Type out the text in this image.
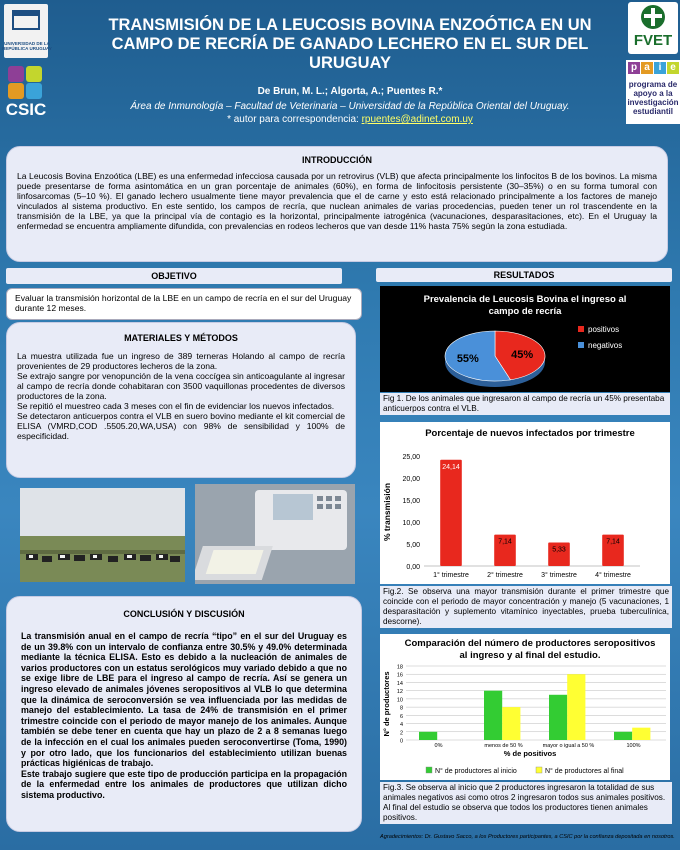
UNIVERSIDAD DE LA REPÚBLICA URUGUAY
CSIC
FVET
p a i e
programa de apoyo a la investigación estudiantil
TRANSMISIÓN DE LA LEUCOSIS BOVINA ENZOÓTICA EN UN CAMPO DE RECRÍA DE GANADO LECHERO EN EL SUR DEL URUGUAY
De Brun, M. L.; Algorta, A.; Puentes R.*
Área de Inmunología – Facultad de Veterinaria – Universidad de la República Oriental del Uruguay.
* autor para correspondencia: rpuentes@adinet.com.uy
INTRODUCCIÓN
La Leucosis Bovina Enzoótica (LBE) es una enfermedad infecciosa causada por un retrovirus (VLB) que afecta principalmente los linfocitos B de los bovinos. La misma puede presentarse de forma asintomática en un gran porcentaje de animales (60%), en forma de linfocitosis persistente (30–35%) o en su forma tumoral con linfosarcomas (5–10 %). El ganado lechero usualmente tiene mayor prevalencia que el de carne y esto está relacionado principalmente a los factores de manejo vinculados al sistema productivo. En este sentido, los campos de recría, que nuclean animales de varias procedencias, pueden tener un rol trascendente en la transmisión de la LBE, ya que la principal vía de contagio es la horizontal, principalmente iatrogénica (vacunaciones, desparasitaciones, etc). En el Uruguay la enfermedad se encuentra ampliamente difundida, con prevalencias en rodeos lecheros que van desde 11% hasta 75% según la zona estudiada.
OBJETIVO
Evaluar la transmisión horizontal de la LBE en un campo de recría en el sur del Uruguay durante 12 meses.
MATERIALES Y MÉTODOS
La muestra utilizada fue un ingreso de 389 terneras Holando al campo de recría provenientes de 29 productores lecheros de la zona.
Se extrajo sangre por venopunción de la vena coccígea sin anticoagulante al ingresar al campo de recría donde cohabitaran con 3500 vaquillonas procedentes de diversos productores de la zona.
Se repitió el muestreo cada 3 meses con el fin de evidenciar los nuevos infectados.
Se detectaron anticuerpos contra el VLB en suero bovino mediante el kit comercial de ELISA (VMRD,COD .5505.20,WA,USA) con 98% de sensibilidad y 100% de especificidad.
CONCLUSIÓN Y DISCUSIÓN
La transmisión anual en el campo de recría “tipo” en el sur del Uruguay es de un 39.8% con un intervalo de confianza entre 30.5% y 49.0% determinada mediante la técnica ELISA. Esto es debido a la nucleación de animales de varios productores con un estatus serológicos muy variado debido a que no se exige libre de LBE para el ingreso al campo de recría. Así se genera un ingreso elevado de animales jóvenes seropositivos al VLB lo que determina que la dinámica de seroconversión se vea influenciada por las medidas de manejo del establecimiento. La tasa de 24% de transmisión en el primer trimestre coincide con el periodo de mayor manejo de los animales. Aunque también se debe tener en cuenta que hay un plazo de 2 a 8 semanas luego de la infección en el cual los animales pueden seroconvertirse (Toma, 1990) y por otro lado, que los funcionarios del establecimiento utilizan buenas prácticas higiénicas de trabajo.
Este trabajo sugiere que este tipo de producción participa en la propagación de la enfermedad entre los animales de productores que utilizan dicho sistema productivo.
RESULTADOS
Prevalencia de Leucosis Bovina el ingreso al
campo de recría
45%
55%
positivos
negativos
Fig 1. De los animales que ingresaron al campo de recría un 45% presentaba anticuerpos contra el VLB.
Porcentaje de nuevos infectados por trimestre
% transmisión
0,00
5,00
10,00
15,00
20,00
25,00
24,14
1° trimestre
7,14
2° trimestre
5,33
3° trimestre
7,14
4° trimestre
Fig.2. Se observa una mayor transmisión durante el primer trimestre que coincide con el periodo de mayor concentración y manejo (5 vacunaciones, 1 desparasitación y suplemento vitamínico inyectables, prueba tuberculínica, descorne).
Comparación del número de productores seropositivos
al ingreso y al final del estudio.
N° de productores
% de positivos
0
2
4
6
8
10
12
14
16
18
0%	menos de 50 %	mayor o igual a 50 %	100%
N° de productores al inicio	N° de productores al final
Fig.3. Se observa al inicio que 2 productores ingresaron la totalidad de sus animales negativos asi como otros 2 ingresaron todos sus animales positivos. Al final del estudio se observa que todos los productores tienen animales positivos.
Agradecimientos: Dr. Gustavo Sacco, a los Productores participantes, a CSIC por la confianza depositada en nosotros.
